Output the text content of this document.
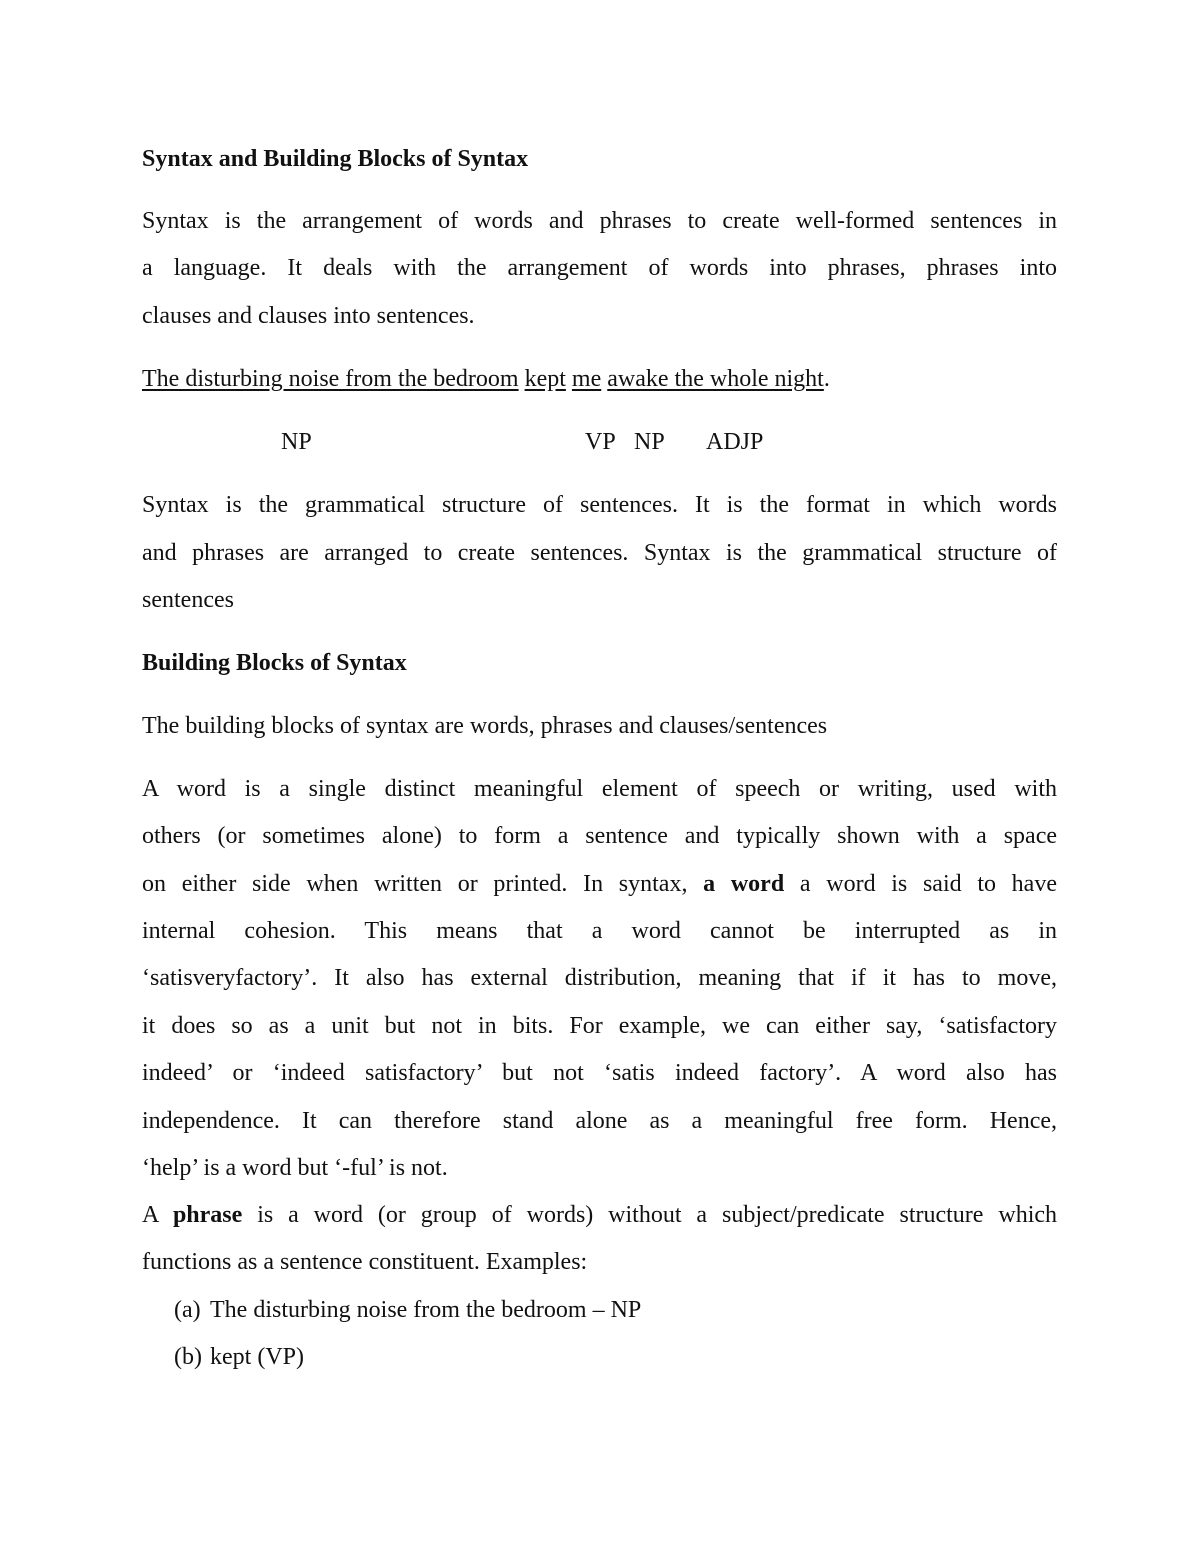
Syntax and Building Blocks of Syntax
Syntax is the arrangement of words and phrases to create well-formed sentences in
a language. It deals with the arrangement of words into phrases, phrases into
clauses and clauses into sentences.
The disturbing noise from the bedroom kept me awake the whole night.
NP	VP NP ADJP
Syntax is the grammatical structure of sentences. It is the format in which words
and phrases are arranged to create sentences. Syntax is the grammatical structure of
sentences
Building Blocks of Syntax
The building blocks of syntax are words, phrases and clauses/sentences
A word is a single distinct meaningful element of speech or writing, used with
others (or sometimes alone) to form a sentence and typically shown with a space
on either side when written or printed. In syntax, a word a word is said to have
internal cohesion. This means that a word cannot be interrupted as in
‘satisveryfactory’. It also has external distribution, meaning that if it has to move,
it does so as a unit but not in bits. For example, we can either say, ‘satisfactory
indeed’ or ‘indeed satisfactory’ but not ‘satis indeed factory’. A word also has
independence. It can therefore stand alone as a meaningful free form. Hence,
‘help’ is a word but ‘-ful’ is not.
A phrase is a word (or group of words) without a subject/predicate structure which
functions as a sentence constituent. Examples:
(a) The disturbing noise from the bedroom – NP
(b) kept (VP)
